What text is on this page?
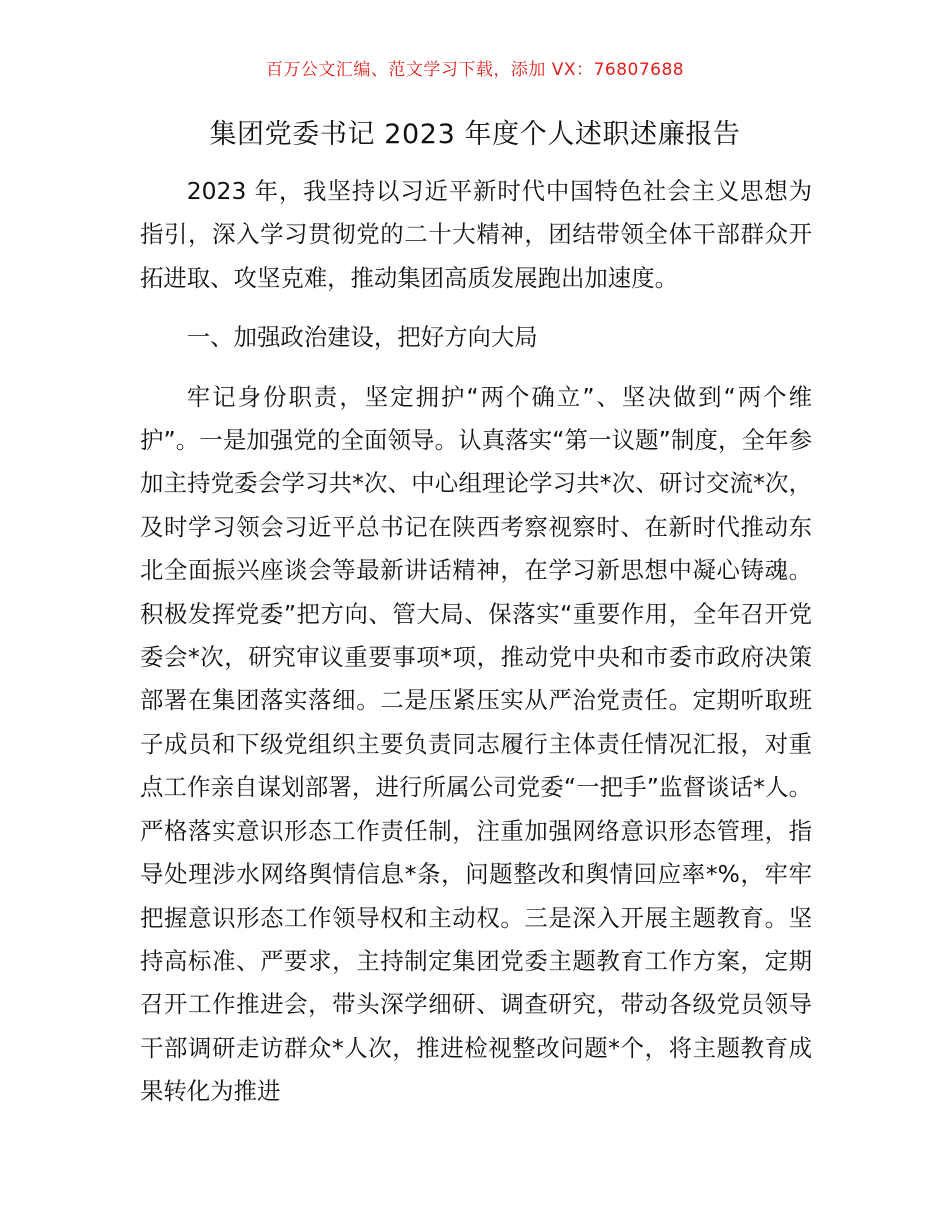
百万公文汇编、范文学习下载，添加 VX：76807688
集团党委书记 2023 年度个人述职述廉报告

2023 年，我坚持以习近平新时代中国特色社会主义思想为指引，深入学习贯彻党的二十大精神，团结带领全体干部群众开拓进取、攻坚克难，推动集团高质发展跑出加速度。

一、加强政治建设，把好方向大局

牢记身份职责，坚定拥护“两个确立”、坚决做到“两个维护”。一是加强党的全面领导。认真落实“第一议题”制度，全年参加主持党委会学习共*次、中心组理论学习共*次、研讨交流*次，及时学习领会习近平总书记在陕西考察视察时、在新时代推动东北全面振兴座谈会等最新讲话精神，在学习新思想中凝心铸魂。积极发挥党委”把方向、管大局、保落实“重要作用，全年召开党委会*次，研究审议重要事项*项，推动党中央和市委市政府决策部署在集团落实落细。二是压紧压实从严治党责任。定期听取班子成员和下级党组织主要负责同志履行主体责任情况汇报，对重点工作亲自谋划部署，进行所属公司党委“一把手”监督谈话*人。严格落实意识形态工作责任制，注重加强网络意识形态管理，指导处理涉水网络舆情信息*条，问题整改和舆情回应率*%，牢牢把握意识形态工作领导权和主动权。三是深入开展主题教育。坚持高标准、严要求，主持制定集团党委主题教育工作方案，定期召开工作推进会，带头深学细研、调查研究，带动各级党员领导干部调研走访群众*人次，推进检视整改问题*个，将主题教育成果转化为推进
